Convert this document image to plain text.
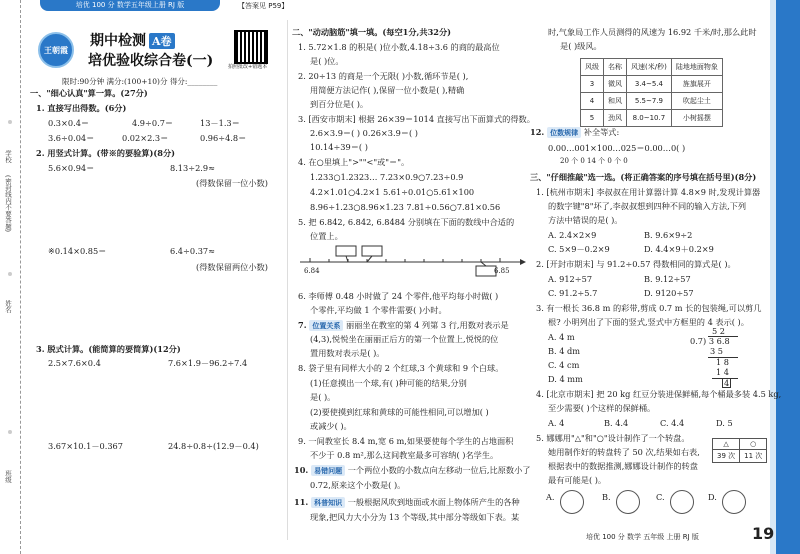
学校
(密封线内不要答题)
姓名
班级
培优 100 分 数学五年级上册 RJ 版	【答案见 P59】
王朝霞
期中检测 A卷
培优验收综合卷(一)	拍照批改+错题本
限时:90分钟 满分:(100+10)分 得分:________
一、"细心认真"算一算。(27分)
1. 直接写出得数。(6分)
0.3×0.4＝	4.9÷0.7＝	13－1.3＝
3.6÷0.04＝	0.02×2.3＝	0.96÷4.8＝
2. 用竖式计算。(带※的要验算)(8分)
5.6×0.94＝	8.13÷2.9≈
(得数保留一位小数)
※0.14×0.85＝	6.4÷0.37≈
(得数保留两位小数)
3. 脱式计算。(能简算的要简算)(12分)
2.5×7.6×0.4	7.6×1.9－96.2÷7.4
3.67×10.1－0.367	24.8÷0.8÷(12.9－0.4)
二、"动动脑筋"填一填。(每空1分,共32分)
1. 5.72×1.8 的积是( )位小数,4.18÷3.6 的商的最高位
是( )位。
2. 20÷13 的商是一个无限( )小数,循环节是( ),
用简便方法记作( ),保留一位小数是( ),精确
到百分位是( )。
3. [西安市期末] 根据 26×39＝1014 直接写出下面算式的得数。
2.6×3.9＝( ) 0.26×3.9＝( )
10.14÷39＝( )
4. 在○里填上">""<"或"＝"。
1.233○1.2323… 7.23×0.9○7.23÷0.9
4.2×1.01○4.2×1 5.61÷0.01○5.61×100
8.96÷1.23○8.96×1.23 7.81÷0.56○7.81×0.56
5. 把 6.842, 6.842, 6.8484 分别填在下面的数线中合适的
位置上。
6.84	6.85
6. 李师傅 0.48 小时做了 24 个零件,他平均每小时做( )
个零件,平均做 1 个零件需要( )小时。
7. 位置关系 丽丽坐在教室的第 4 列第 3 行,用数对表示是
(4,3),悦悦坐在丽丽正后方的第一个位置上,悦悦的位
置用数对表示是( )。
8. 袋子里有同样大小的 2 个红球,3 个黄球和 9 个白球。
(1)任意摸出一个球,有( )种可能的结果,分别
是( )。
(2)要使摸到红球和黄球的可能性相同,可以增加( )
或减少( )。
9. 一间教室长 8.4 m,宽 6 m,如果要使每个学生的占地面积
不少于 0.8 m²,那么这间教室最多可容纳( )名学生。
10. 易错问题 一个两位小数的小数点向左移动一位后,比原数小了
0.72,原来这个小数是( )。
11. 科普知识 一般根据风吹到地面或水面上物体所产生的各种
现象,把风力大小分为 13 个等级,其中部分等级如下表。某
时,气象局工作人员测得的风速为 16.92 千米/时,那么此时
是( )级风。
风级	名称	风速(米/秒)	陆地地面物象
3	微风	3.4~5.4	旌旗展开
4	和风	5.5~7.9	吹起尘土
5	劲风	8.0~10.7	小树摇摆
12. 位数规律 补全等式:
0.00…001×100…025＝0.00…0( )
20 个 0 14 个 0 个 0
三、"仔细推敲"选一选。(将正确答案的序号填在括号里)(8分)
1. [杭州市期末] 李叔叔在用计算器计算 4.8×9 时,发现计算器
的数字键"8"坏了,李叔叔想到四种不同的输入方法,下列
方法中错误的是( )。
A. 2.4×2×9	B. 9.6×9÷2
C. 5×9－0.2×9	D. 4.4×9＋0.2×9
2. [开封市期末] 与 91.2÷0.57 得数相同的算式是( )。
A. 912÷57	B. 9.12÷57
C. 91.2÷5.7	D. 9120÷57
3. 有一根长 36.8 m 的彩带,剪成 0.7 m 长的包装绳,可以剪几
根? 小明列出了下面的竖式,竖式中方框里的 4 表示( )。
A. 4 m
B. 4 dm
C. 4 cm
D. 4 mm
5 2
0.7) 3 6.8
3 5
1 8
1 4
4
4. [北京市期末] 把 20 kg 红豆分装进保鲜桶,每个桶最多装 4.5 kg,
至少需要( )个这样的保鲜桶。
A. 4	B. 4.4	C. 4.4̇	D. 5
5. 娜娜用"△"和"○"设计制作了一个转盘。
她用制作好的转盘转了 50 次,结果如右表,
根据表中的数据推测,娜娜设计制作的转盘
最有可能是( )。
△	○
39 次	11 次
A.	B.	C.	D.
培优 100 分 数学 五年级 上册 RJ 版	19
